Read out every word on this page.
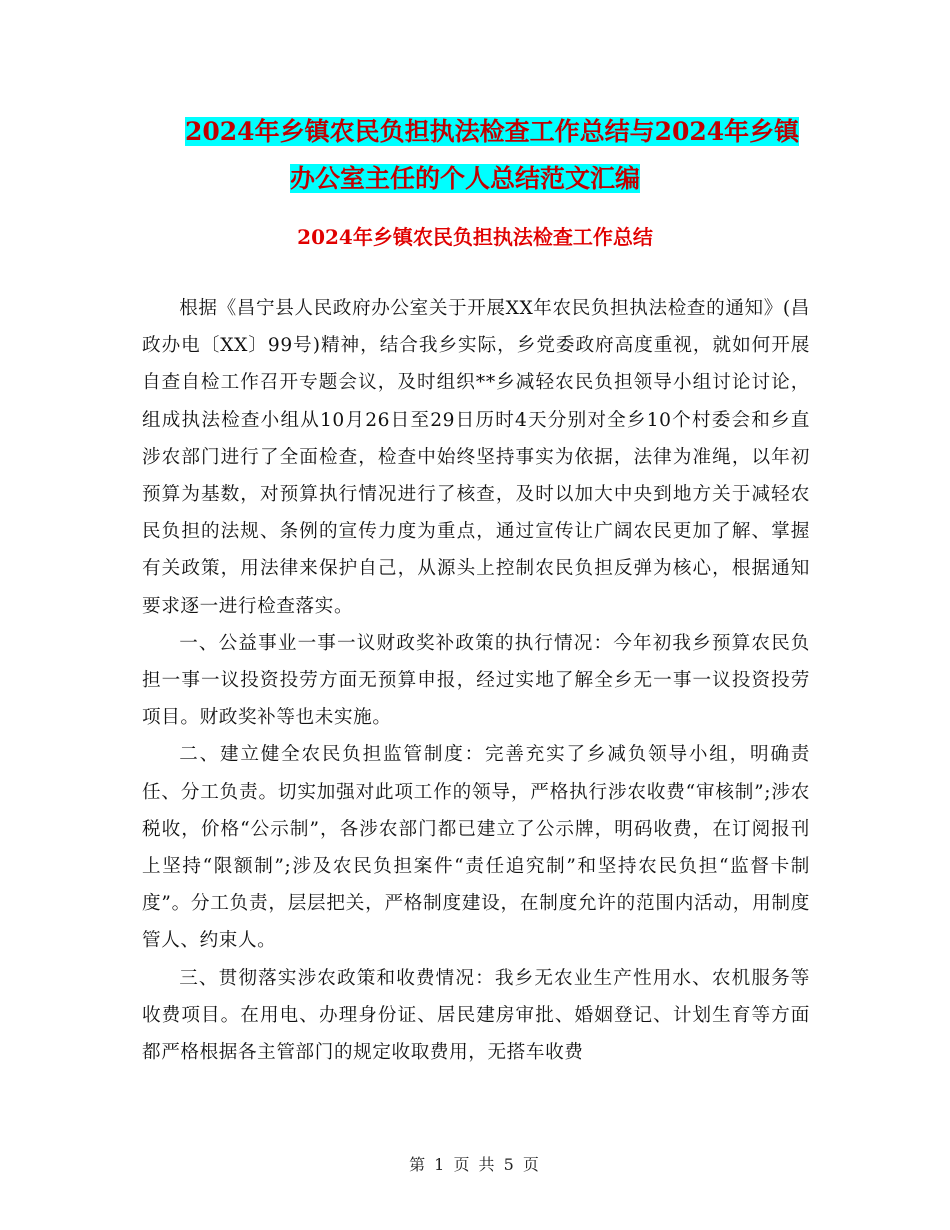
2024年乡镇农民负担执法检查工作总结与2024年乡镇
办公室主任的个人总结范文汇编
2024年乡镇农民负担执法检查工作总结

根据《昌宁县人民政府办公室关于开展XX年农民负担执法检查的通知》(昌政办电〔XX〕99号)精神，结合我乡实际，乡党委政府高度重视，就如何开展自查自检工作召开专题会议，及时组织**乡减轻农民负担领导小组讨论讨论，组成执法检查小组从10月26日至29日历时4天分别对全乡10个村委会和乡直涉农部门进行了全面检查，检查中始终坚持事实为依据，法律为准绳，以年初预算为基数，对预算执行情况进行了核查，及时以加大中央到地方关于减轻农民负担的法规、条例的宣传力度为重点，通过宣传让广阔农民更加了解、掌握有关政策，用法律来保护自己，从源头上控制农民负担反弹为核心，根据通知要求逐一进行检查落实。

一、公益事业一事一议财政奖补政策的执行情况：今年初我乡预算农民负担一事一议投资投劳方面无预算申报，经过实地了解全乡无一事一议投资投劳项目。财政奖补等也未实施。

二、建立健全农民负担监管制度：完善充实了乡减负领导小组，明确责任、分工负责。切实加强对此项工作的领导，严格执行涉农收费“审核制”;涉农税收，价格“公示制”，各涉农部门都已建立了公示牌，明码收费，在订阅报刊上坚持“限额制”;涉及农民负担案件“责任追究制”和坚持农民负担“监督卡制度”。分工负责，层层把关，严格制度建设，在制度允许的范围内活动，用制度管人、约束人。

三、贯彻落实涉农政策和收费情况：我乡无农业生产性用水、农机服务等收费项目。在用电、办理身份证、居民建房审批、婚姻登记、计划生育等方面都严格根据各主管部门的规定收取费用，无搭车收费

第 1 页 共 5 页
